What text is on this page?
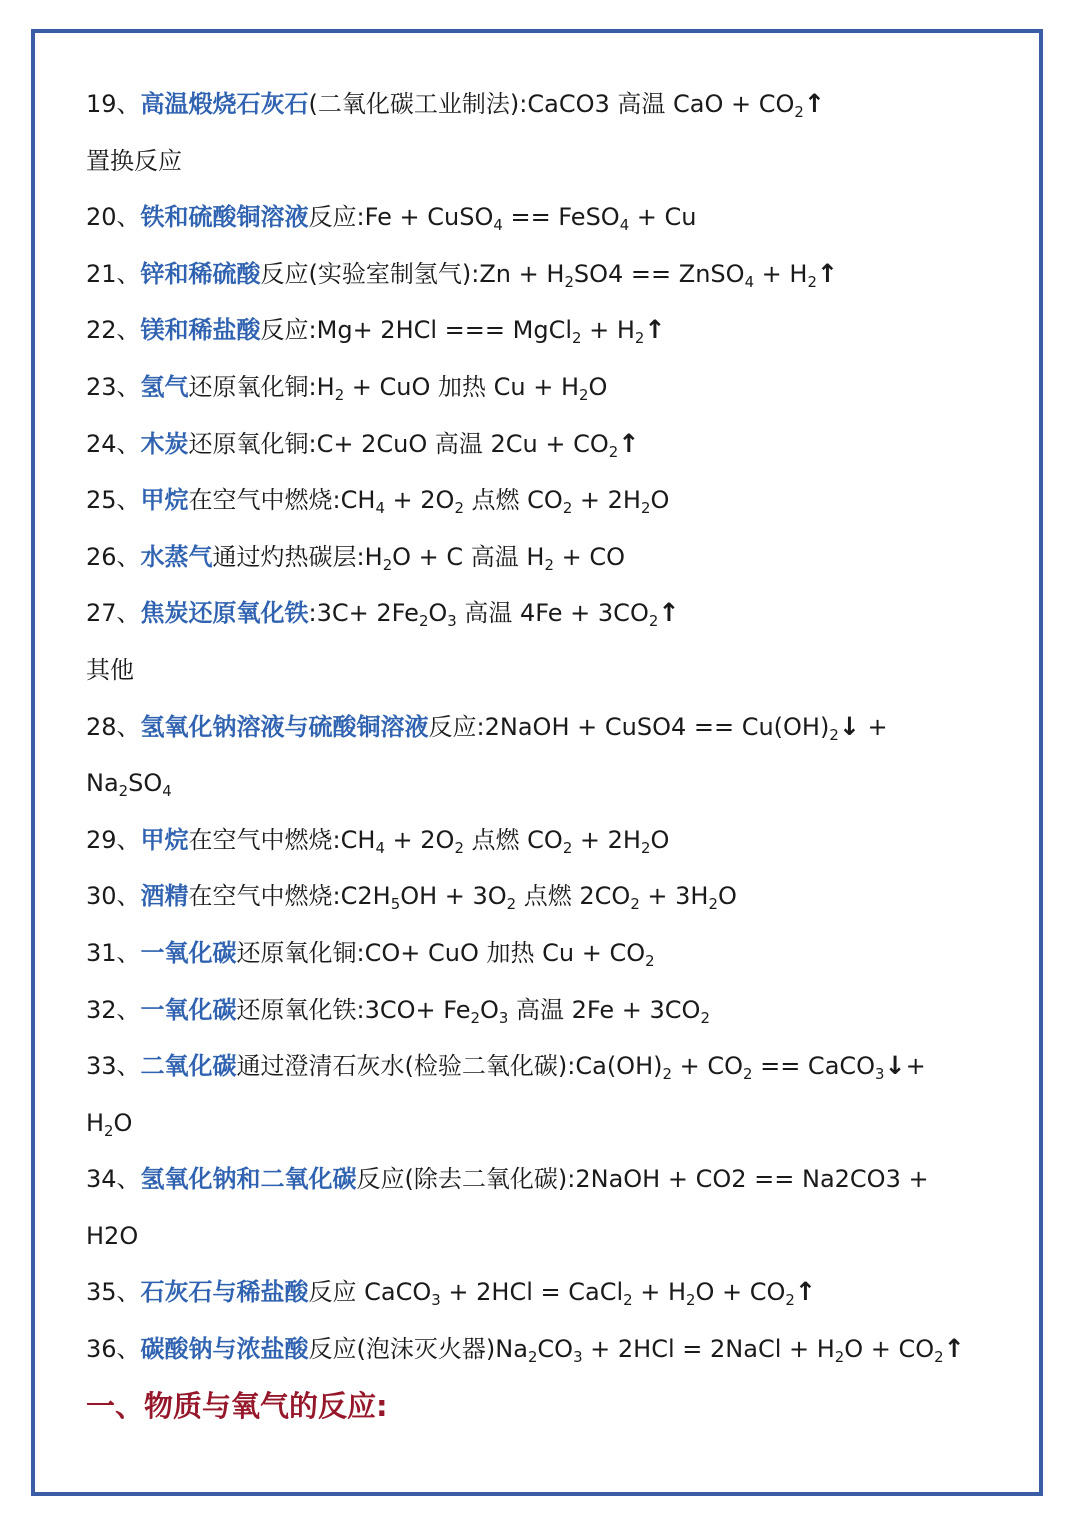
19、高温煅烧石灰石(二氧化碳工业制法):CaCO3 高温 CaO + $CO_2↑$
置换反应
20、铁和硫酸铜溶液反应:Fe + CuSO$_4$ == FeSO$_4$ + Cu
21、锌和稀硫酸反应(实验室制氢气):Zn + $H_2SO4$ == ZnSO$_4$ + $H_2↑$
22、镁和稀盐酸反应:Mg+ 2HCl === MgCl$_2$ + $H_2↑$
23、氢气还原氧化铜$:H_2$ + CuO 加热 $Cu + H_2O$
24、木炭还原氧化铜:C+ 2CuO 高温 $2Cu + CO_2↑$
25、甲烷在空气中燃烧$:CH_4 + 2O_2$ 点燃 $CO_2 + 2H_2O$
26、水蒸气通过灼热碳层$:H_2O + C$ 高温 $H_2$ + CO
27、焦炭还原氧化铁:3C+ $2Fe_2O_3$ 高温 $4Fe + 3CO_2↑$
其他
28、氢氧化钠溶液与硫酸铜溶液反应:2NaOH + CuSO4 == $Cu(OH)_2↓$ +
$Na_2SO_4$
29、甲烷在空气中燃烧$:CH_4 + 2O_2$ 点燃 $CO_2 + 2H_2O$
30、酒精在空气中燃烧$:C2H_5OH + 3O_2$ 点燃 $2CO_2 + 3H_2O$
31、一氧化碳还原氧化铜:CO+ CuO 加热 $Cu + CO_2$
32、一氧化碳还原氧化铁:3CO+ $Fe_2O_3$ 高温 $2Fe + 3CO_2$
33、二氧化碳通过澄清石灰水(检验二氧化碳)$:Ca(OH)_2 + CO_2$ == CaCO$_3$↓+
$H_2O$
34、氢氧化钠和二氧化碳反应(除去二氧化碳):2NaOH + CO2 == Na2CO3 +
H2O
35、石灰石与稀盐酸反应 CaCO$_3$ + 2HCl = CaCl$_2$ + $H_2O$ + $CO_2↑$
36、碳酸钠与浓盐酸反应(泡沫灭火器)$Na_2CO_3 + 2HCl$ = 2NaCl + $H_2O$ + $CO_2↑$
一、物质与氧气的反应:
